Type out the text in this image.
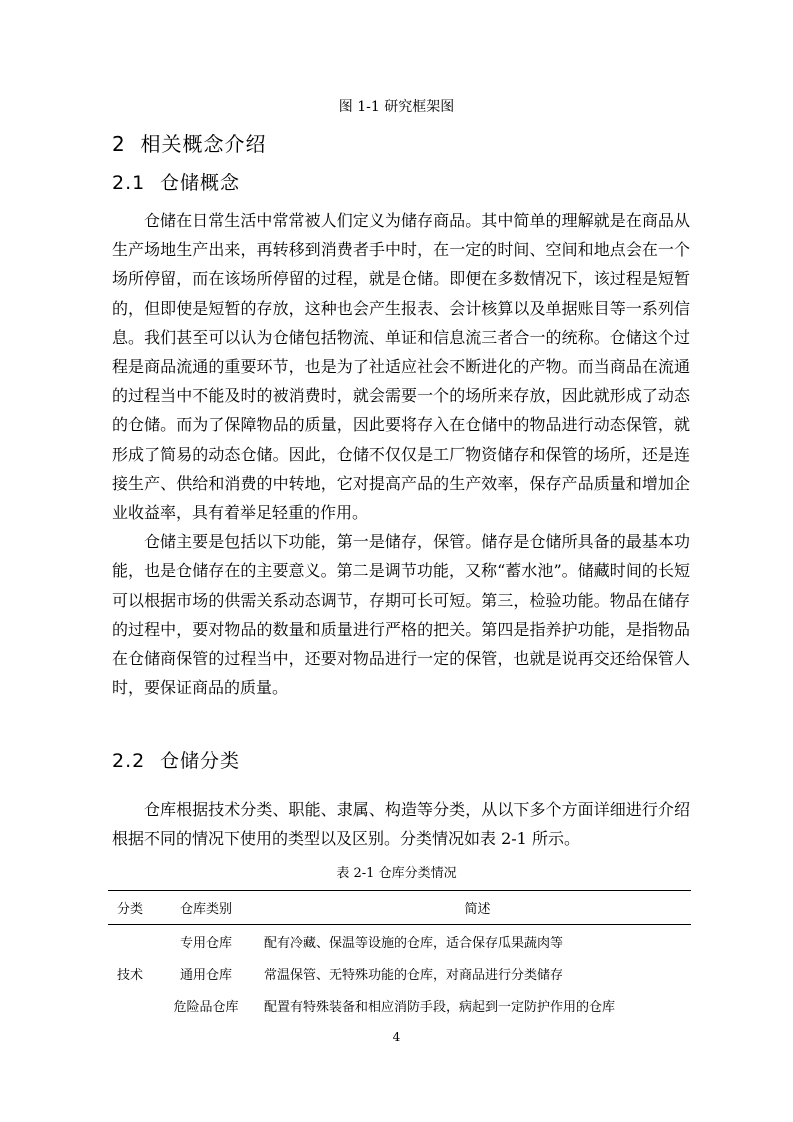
图 1-1 研究框架图
2 相关概念介绍
2.1 仓储概念

仓储在日常生活中常常被人们定义为储存商品。其中简单的理解就是在商品从生产场地生产出来，再转移到消费者手中时，在一定的时间、空间和地点会在一个场所停留，而在该场所停留的过程，就是仓储。即便在多数情况下，该过程是短暂的，但即使是短暂的存放，这种也会产生报表、会计核算以及单据账目等一系列信息。我们甚至可以认为仓储包括物流、单证和信息流三者合一的统称。仓储这个过程是商品流通的重要环节，也是为了社适应社会不断进化的产物。而当商品在流通的过程当中不能及时的被消费时，就会需要一个的场所来存放，因此就形成了动态的仓储。而为了保障物品的质量，因此要将存入在仓储中的物品进行动态保管，就形成了简易的动态仓储。因此，仓储不仅仅是工厂物资储存和保管的场所，还是连接生产、供给和消费的中转地，它对提高产品的生产效率，保存产品质量和增加企业收益率，具有着举足轻重的作用。

仓储主要是包括以下功能，第一是储存，保管。储存是仓储所具备的最基本功能，也是仓储存在的主要意义。第二是调节功能，又称“蓄水池”。储藏时间的长短可以根据市场的供需关系动态调节，存期可长可短。第三，检验功能。物品在储存的过程中，要对物品的数量和质量进行严格的把关。第四是指养护功能，是指物品在仓储商保管的过程当中，还要对物品进行一定的保管，也就是说再交还给保管人时，要保证商品的质量。

2.2 仓储分类

仓库根据技术分类、职能、隶属、构造等分类，从以下多个方面详细进行介绍根据不同的情况下使用的类型以及区别。分类情况如表 2-1 所示。

表 2-1 仓库分类情况
分类	仓库类别	简述
技术	专用仓库	配有冷藏、保温等设施的仓库，适合保存瓜果蔬肉等
	通用仓库	常温保管、无特殊功能的仓库，对商品进行分类储存
	危险品仓库	配置有特殊装备和相应消防手段，病起到一定防护作用的仓库
4
